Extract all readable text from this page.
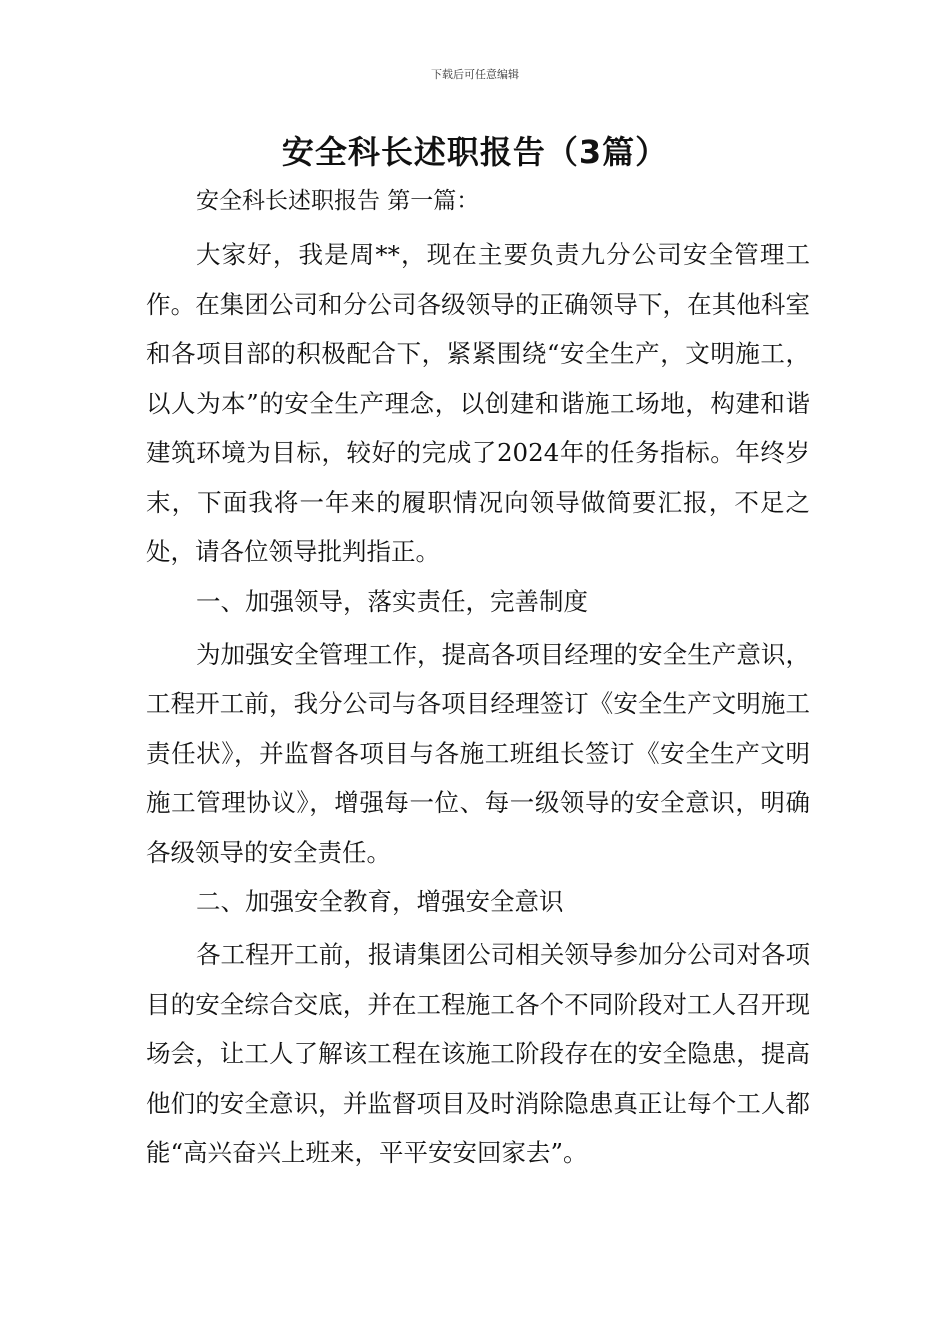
下载后可任意编辑
安全科长述职报告（3篇）

安全科长述职报告 第一篇：

大家好，我是周**，现在主要负责九分公司安全管理工作。在集团公司和分公司各级领导的正确领导下，在其他科室和各项目部的积极配合下，紧紧围绕“安全生产，文明施工，以人为本”的安全生产理念，以创建和谐施工场地，构建和谐建筑环境为目标，较好的完成了2024年的任务指标。年终岁末，下面我将一年来的履职情况向领导做简要汇报，不足之处，请各位领导批判指正。

一、加强领导，落实责任，完善制度

为加强安全管理工作，提高各项目经理的安全生产意识，工程开工前，我分公司与各项目经理签订《安全生产文明施工责任状》，并监督各项目与各施工班组长签订《安全生产文明施工管理协议》，增强每一位、每一级领导的安全意识，明确各级领导的安全责任。

二、加强安全教育，增强安全意识

各工程开工前，报请集团公司相关领导参加分公司对各项目的安全综合交底，并在工程施工各个不同阶段对工人召开现场会，让工人了解该工程在该施工阶段存在的安全隐患，提高他们的安全意识，并监督项目及时消除隐患真正让每个工人都能“高兴奋兴上班来，平平安安回家去”。
